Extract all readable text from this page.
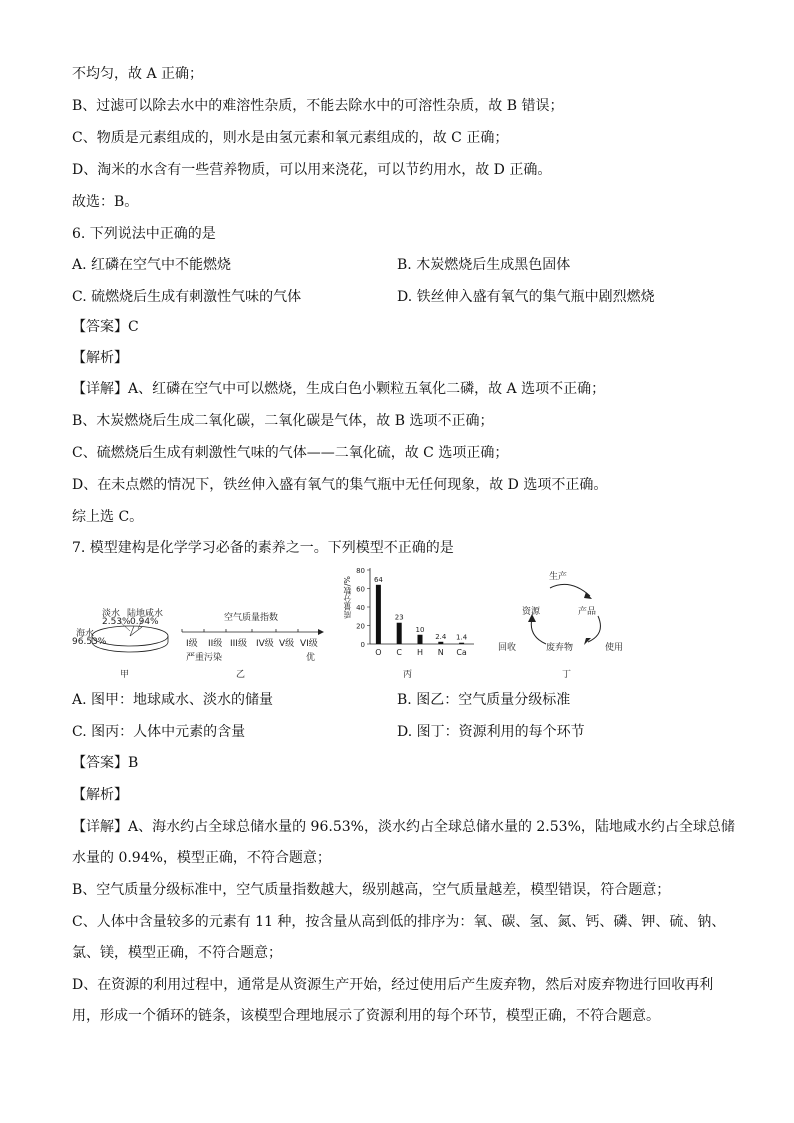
不均匀，故 A 正确；
B、过滤可以除去水中的难溶性杂质，不能去除水中的可溶性杂质，故 B 错误；
C、物质是元素组成的，则水是由氢元素和氧元素组成的，故 C 正确；
D、淘米的水含有一些营养物质，可以用来浇花，可以节约用水，故 D 正确。
故选：B。
6. 下列说法中正确的是
A. 红磷在空气中不能燃烧	B. 木炭燃烧后生成黑色固体
C. 硫燃烧后生成有刺激性气味的气体	D. 铁丝伸入盛有氧气的集气瓶中剧烈燃烧
【答案】C
【解析】
【详解】A、红磷在空气中可以燃烧，生成白色小颗粒五氧化二磷，故 A 选项不正确；
B、木炭燃烧后生成二氧化碳，二氧化碳是气体，故 B 选项不正确；
C、硫燃烧后生成有刺激性气味的气体——二氧化硫，故 C 选项正确；
D、在未点燃的情况下，铁丝伸入盛有氧气的集气瓶中无任何现象，故 D 选项不正确。
综上选 C。
7. 模型建构是化学学习必备的素养之一。下列模型不正确的是
淡水
2.53%
陆地咸水
0.94%
海水
96.53%
甲
空气质量指数
I级 II级 III级 IV级 V级 VI级
严重污染	优
乙
0
20
40
60
80
64
O
23
C
10
H
2.4
N
1.4
Ca
质量分数/%
丙
生产
资源	产品
回收	废弃物	使用
丁
A. 图甲：地球咸水、淡水的储量	B. 图乙：空气质量分级标准
C. 图丙：人体中元素的含量	D. 图丁：资源利用的每个环节
【答案】B
【解析】
【详解】A、海水约占全球总储水量的 96.53%，淡水约占全球总储水量的 2.53%，陆地咸水约占全球总储
水量的 0.94%，模型正确，不符合题意；
B、空气质量分级标准中，空气质量指数越大，级别越高，空气质量越差，模型错误，符合题意；
C、人体中含量较多的元素有 11 种，按含量从高到低的排序为：氧、碳、氢、氮、钙、磷、钾、硫、钠、
氯、镁，模型正确，不符合题意；
D、在资源的利用过程中，通常是从资源生产开始，经过使用后产生废弃物，然后对废弃物进行回收再利
用，形成一个循环的链条，该模型合理地展示了资源利用的每个环节，模型正确，不符合题意。
